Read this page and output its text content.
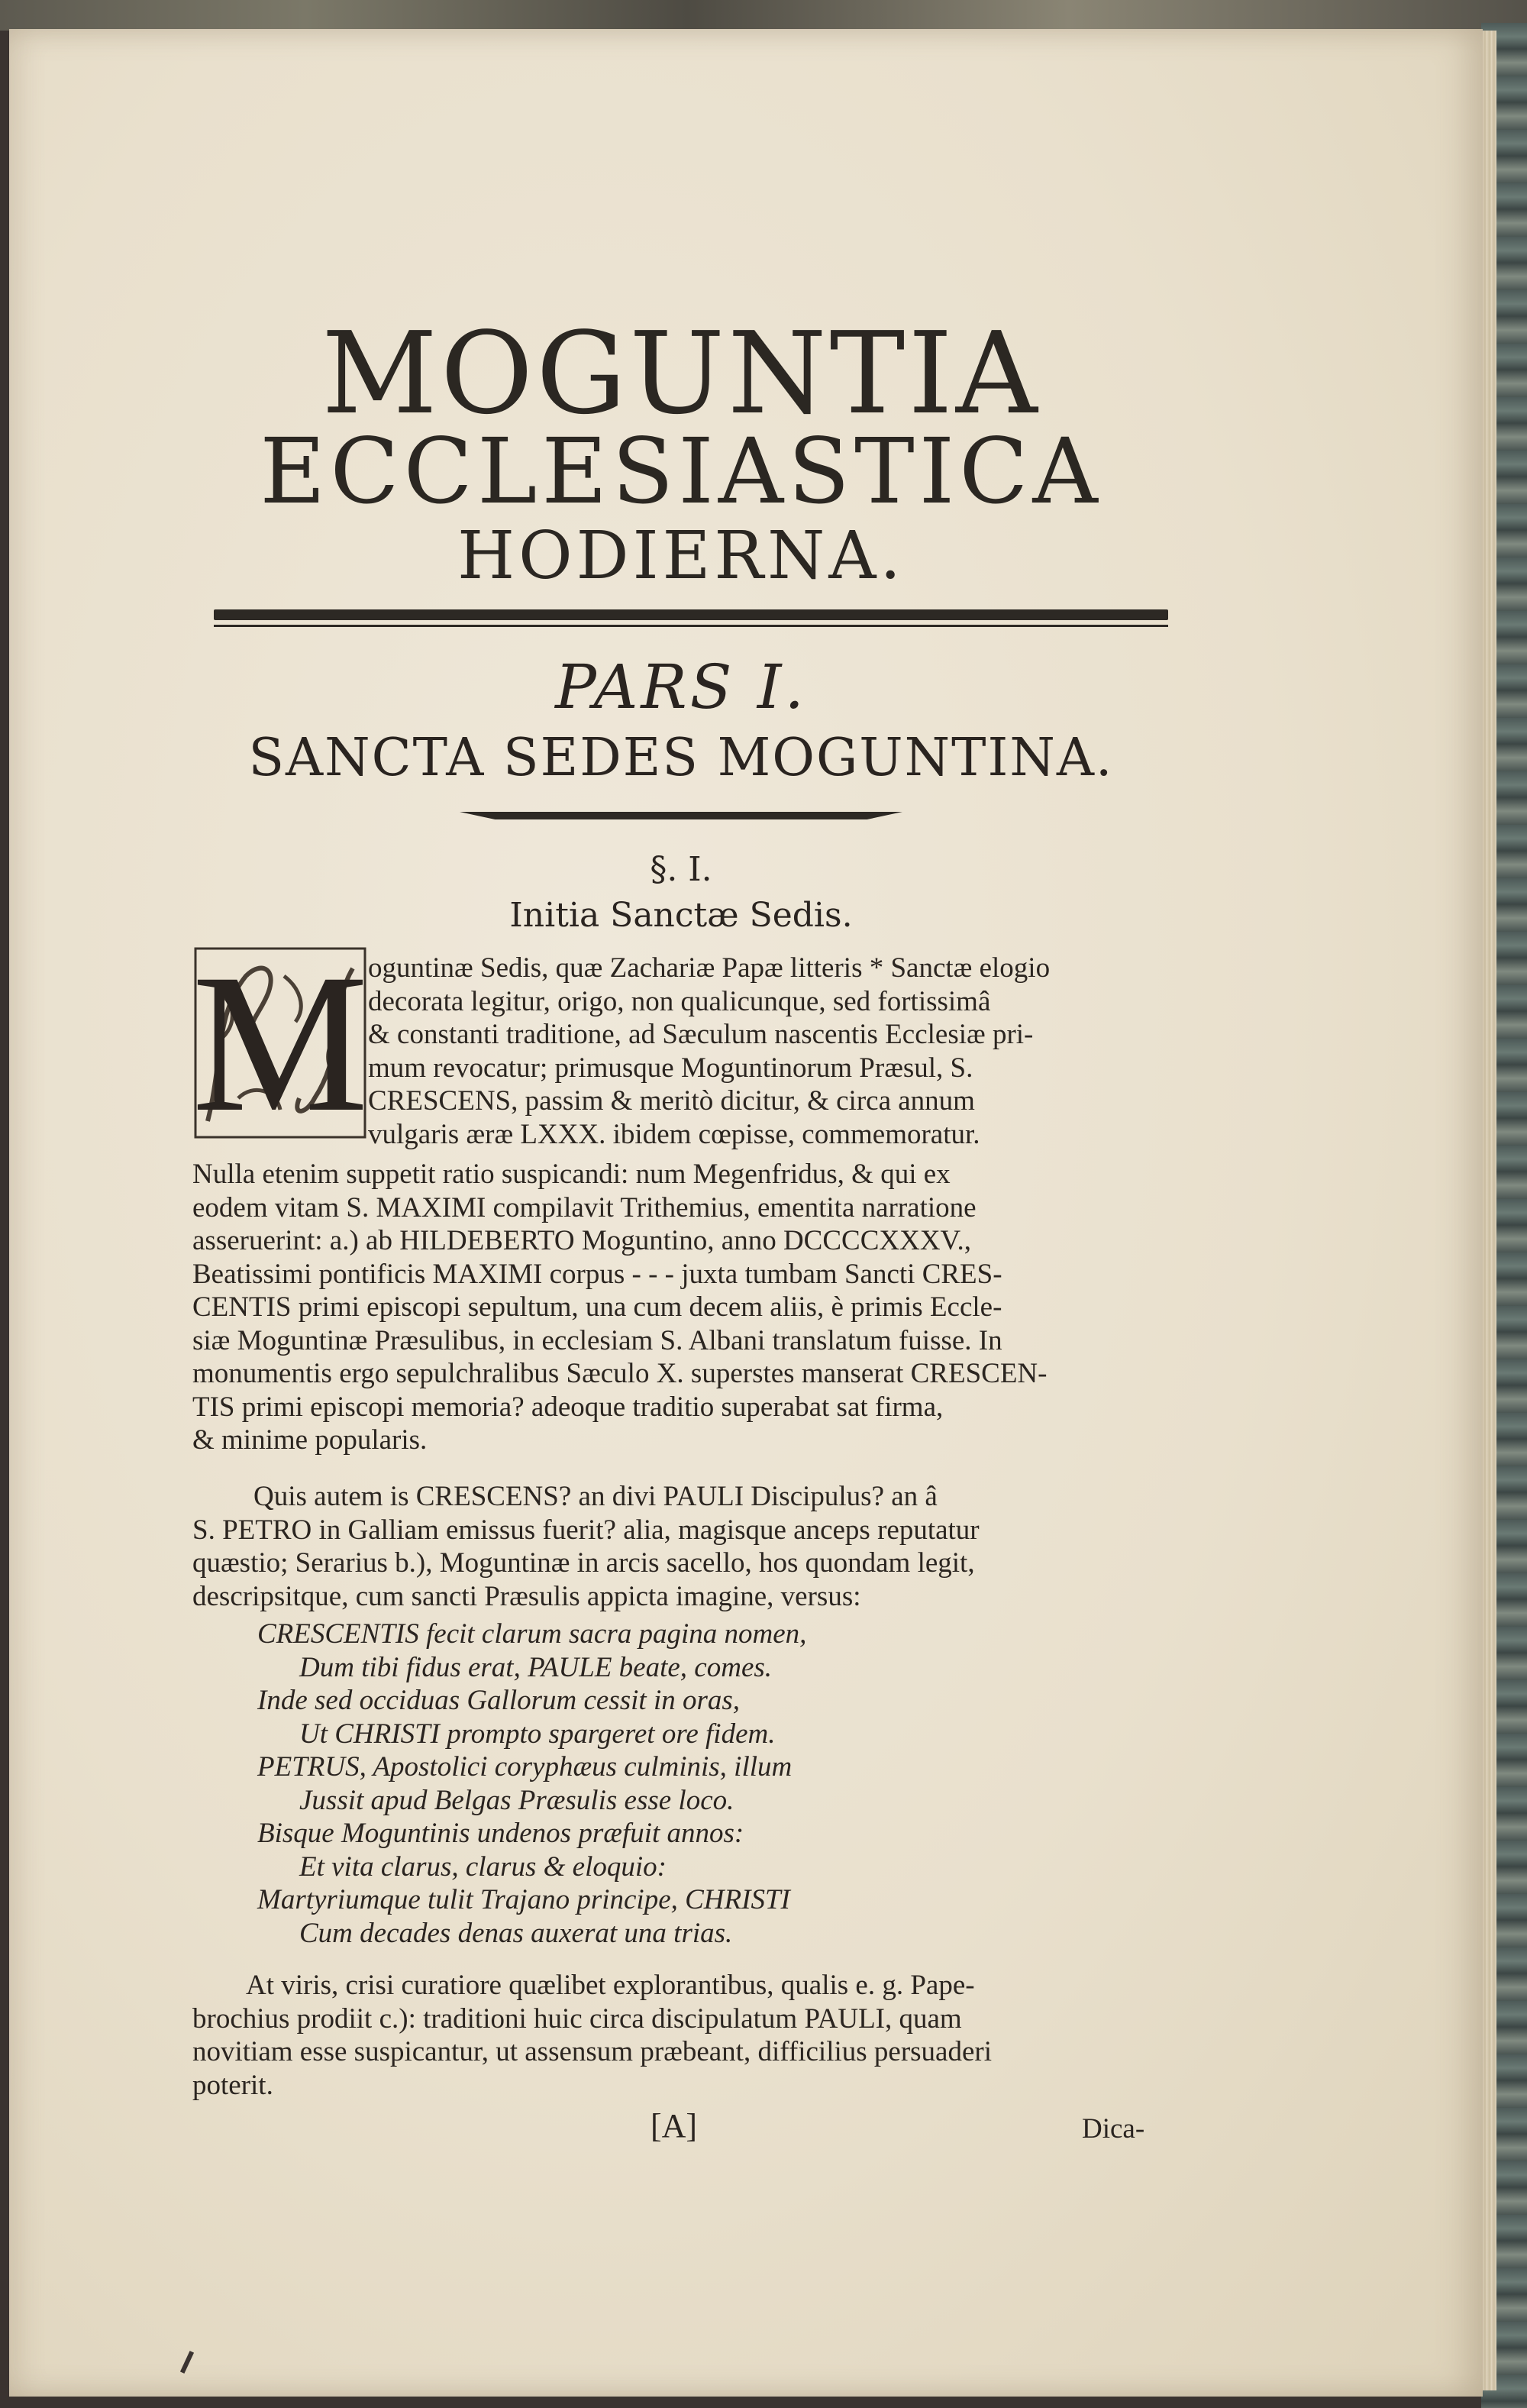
MOGUNTIA
ECCLESIASTICA
HODIERNA.
PARS I.
SANCTA SEDES MOGUNTINA.
§. I.
Initia Sanctæ Sedis.
M oguntinæ Sedis, quæ Zachariæ Papæ litteris * Sanctæ elogio
decorata legitur, origo, non qualicunque, sed fortissimâ
& constanti traditione, ad Sæculum nascentis Ecclesiæ pri-
mum revocatur; primusque Moguntinorum Præsul, S.
CRESCENS, passim & meritò dicitur, & circa annum
vulgaris æræ LXXX. ibidem cœpisse, commemoratur.
Nulla etenim suppetit ratio suspicandi: num Megenfridus, & qui ex
eodem vitam S. MAXIMI compilavit Trithemius, ementita narratione
asseruerint: a.) ab HILDEBERTO Moguntino, anno DCCCCXXXV.,
Beatissimi pontificis MAXIMI corpus - - - juxta tumbam Sancti CRES-
CENTIS primi episcopi sepultum, una cum decem aliis, è primis Eccle-
siæ Moguntinæ Præsulibus, in ecclesiam S. Albani translatum fuisse. In
monumentis ergo sepulchralibus Sæculo X. superstes manserat CRESCEN-
TIS primi episcopi memoria? adeoque traditio superabat sat firma,
& minime popularis.
Quis autem is CRESCENS? an divi PAULI Discipulus? an â
S. PETRO in Galliam emissus fuerit? alia, magisque anceps reputatur
quæstio; Serarius b.), Moguntinæ in arcis sacello, hos quondam legit,
descripsitque, cum sancti Præsulis appicta imagine, versus:
CRESCENTIS fecit clarum sacra pagina nomen,
Dum tibi fidus erat, PAULE beate, comes.
Inde sed occiduas Gallorum cessit in oras,
Ut CHRISTI prompto spargeret ore fidem.
PETRUS, Apostolici coryphæus culminis, illum
Jussit apud Belgas Præsulis esse loco.
Bisque Moguntinis undenos præfuit annos:
Et vita clarus, clarus & eloquio:
Martyriumque tulit Trajano principe, CHRISTI
Cum decades denas auxerat una trias.
At viris, crisi curatiore quælibet explorantibus, qualis e. g. Pape-
brochius prodiit c.): traditioni huic circa discipulatum PAULI, quam
novitiam esse suspicantur, ut assensum præbeant, difficilius persuaderi
poterit.
[A]	Dica-
